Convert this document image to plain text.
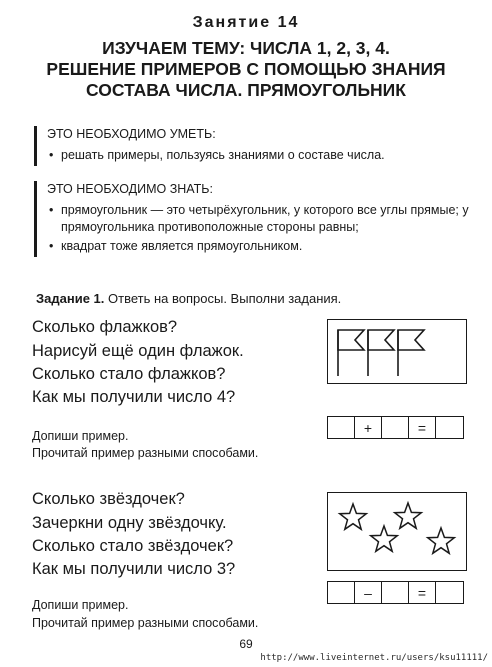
Занятие 14
ИЗУЧАЕМ ТЕМУ: ЧИСЛА 1, 2, 3, 4.
РЕШЕНИЕ ПРИМЕРОВ С ПОМОЩЬЮ ЗНАНИЯ
СОСТАВА ЧИСЛА. ПРЯМОУГОЛЬНИК
ЭТО НЕОБХОДИМО УМЕТЬ:
• решать примеры, пользуясь знаниями о составе числа.
ЭТО НЕОБХОДИМО ЗНАТЬ:
• прямоугольник — это четырёхугольник, у которого все углы прямые; у прямоугольника противоположные стороны равны;
• квадрат тоже является прямоугольником.
Задание 1. Ответь на вопросы. Выполни задания.
Сколько флажков?
Нарисуй ещё один флажок.
Сколько стало флажков?
Как мы получили число 4?
+	=
Допиши пример.
Прочитай пример разными способами.
Сколько звёздочек?
Зачеркни одну звёздочку.
Сколько стало звёздочек?
Как мы получили число 3?
–	=
Допиши пример.
Прочитай пример разными способами.
69
http://www.liveinternet.ru/users/ksu11111/
